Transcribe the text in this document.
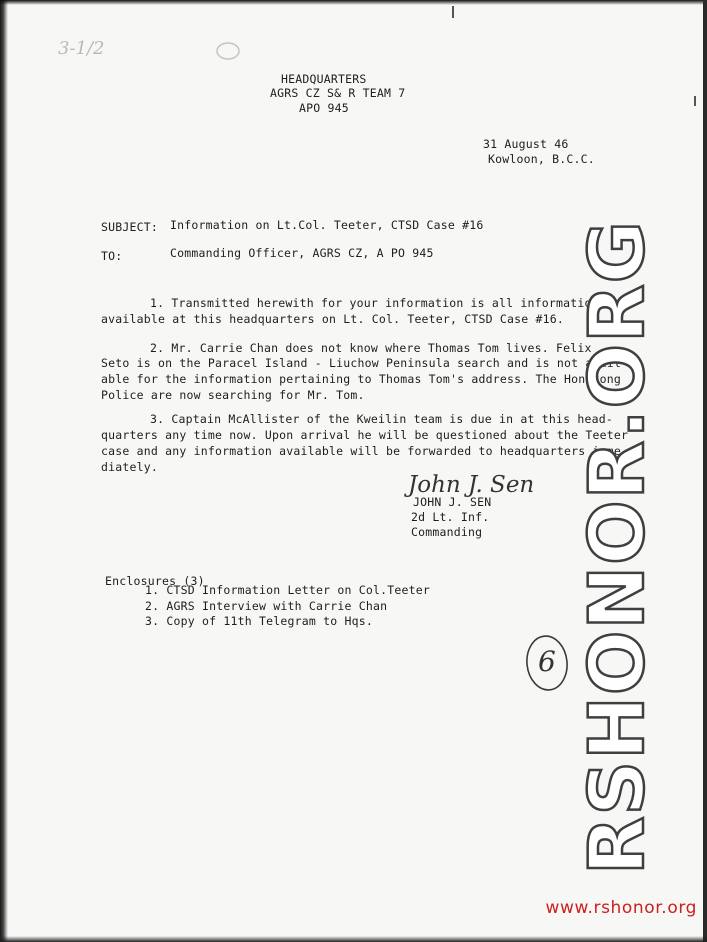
3-1/2
HEADQUARTERS
AGRS CZ S& R TEAM 7
APO 945
31 August 46
Kowloon, B.C.C.
SUBJECT: Information on Lt.Col. Teeter, CTSD Case #16
TO:	Commanding Officer, AGRS CZ, A PO 945
1. Transmitted herewith for your information is all information
available at this headquarters on Lt. Col. Teeter, CTSD Case #16.
2. Mr. Carrie Chan does not know where Thomas Tom lives. Felix
Seto is on the Paracel Island - Liuchow Peninsula search and is not avail-
able for the information pertaining to Thomas Tom's address. The Hongkong
Police are now searching for Mr. Tom.
3. Captain McAllister of the Kweilin team is due in at this head-
quarters any time now. Upon arrival he will be questioned about the Teeter
case and any information available will be forwarded to headquarters imme-
diately.
John J. Sen
JOHN J. SEN
2d Lt. Inf.
Commanding
Enclosures (3)
1. CTSD Information Letter on Col.Teeter
2. AGRS Interview with Carrie Chan
3. Copy of 11th Telegram to Hqs.
6 RSHONOR.ORG
www.rshonor.org
